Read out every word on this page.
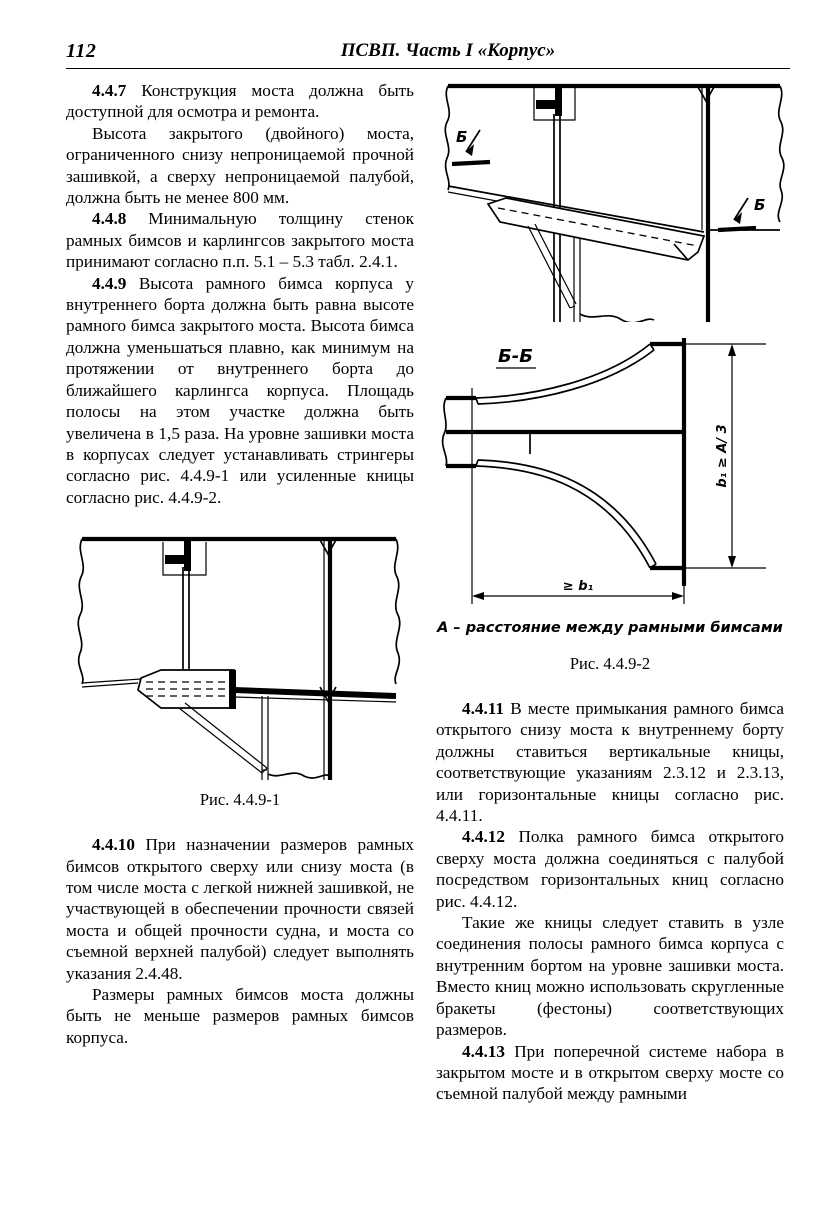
112	ПСВП. Часть I «Корпус»

4.4.7 Конструкция моста должна быть доступной для осмотра и ремонта.

Высота закрытого (двойного) моста, ограниченного снизу непроницаемой прочной зашивкой, а сверху непроницаемой палубой, должна быть не менее 800 мм.

4.4.8 Минимальную толщину стенок рамных бимсов и карлингсов закрытого моста принимают согласно п.п. 5.1 – 5.3 табл. 2.4.1.

4.4.9 Высота рамного бимса корпуса у внутреннего борта должна быть равна высоте рамного бимса закрытого моста. Высота бимса должна уменьшаться плавно, как минимум на протяжении от внутреннего борта до ближайшего карлингса корпуса. Площадь полосы на этом участке должна быть увеличена в 1,5 раза. На уровне зашивки моста в корпусах следует устанавливать стрингеры согласно рис. 4.4.9-1 или усиленные кницы согласно рис. 4.4.9-2.

Рис. 4.4.9-1

4.4.10 При назначении размеров рамных бимсов открытого сверху или снизу моста (в том числе моста с легкой нижней зашивкой, не участвующей в обеспечении прочности связей моста и общей прочности судна, и моста со съемной верхней палубой) следует выполнять указания 2.4.48.

Размеры рамных бимсов моста должны быть не меньше размеров рамных бимсов корпуса.

Б
Б
Б-Б
b₁ ≥ A/ 3
≥ b₁

А – расстояние между рамными бимсами

Рис. 4.4.9-2

4.4.11 В месте примыкания рамного бимса открытого снизу моста к внутреннему борту должны ставиться вертикальные кницы, соответствующие указаниям 2.3.12 и 2.3.13, или горизонтальные кницы согласно рис. 4.4.11.

4.4.12 Полка рамного бимса открытого сверху моста должна соединяться с палубой посредством горизонтальных книц согласно рис. 4.4.12.

Такие же кницы следует ставить в узле соединения полосы рамного бимса корпуса с внутренним бортом на уровне зашивки моста. Вместо книц можно использовать скругленные бракеты (фестоны) соответствующих размеров.

4.4.13 При поперечной системе набора в закрытом мосте и в открытом сверху мосте со съемной палубой между рамными
